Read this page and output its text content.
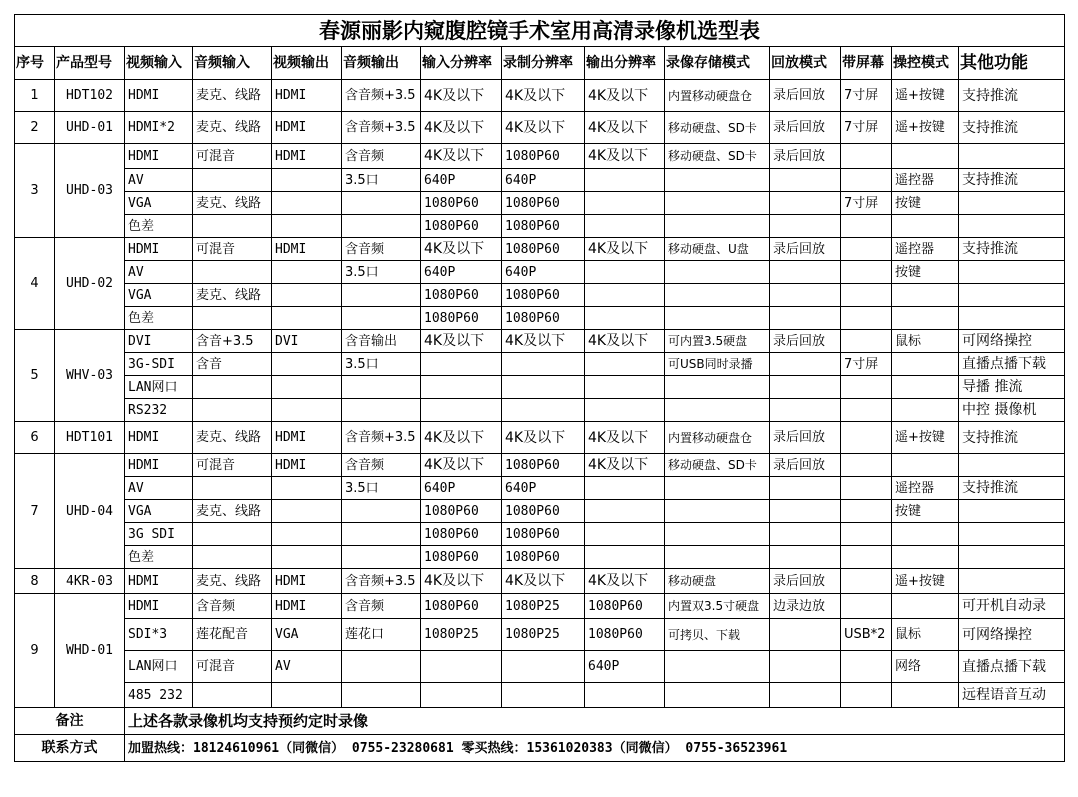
春源丽影内窥腹腔镜手术室用高清录像机选型表													
序号	产品型号	视频输入	音频输入	视频输出	音频输出	输入分辨率	录制分辨率	输出分辨率	录像存储模式	回放模式	带屏幕	操控模式	其他功能
1	HDT102	HDMI	麦克、线路	HDMI	含音频+3.5	4K及以下	4K及以下	4K及以下	内置移动硬盘仓	录后回放	7寸屏	遥+按键	支持推流
2	UHD-01	HDMI*2	麦克、线路	HDMI	含音频+3.5	4K及以下	4K及以下	4K及以下	移动硬盘、SD卡	录后回放	7寸屏	遥+按键	支持推流
3	UHD-03	HDMI	可混音	HDMI	含音频	4K及以下	1080P60	4K及以下	移动硬盘、SD卡	录后回放			
		AV			3.5口	640P	640P					遥控器	支持推流
		VGA	麦克、线路			1080P60	1080P60				7寸屏	按键	
		色差				1080P60	1080P60						
4	UHD-02	HDMI	可混音	HDMI	含音频	4K及以下	1080P60	4K及以下	移动硬盘、U盘	录后回放		遥控器	支持推流
		AV			3.5口	640P	640P					按键	
		VGA	麦克、线路			1080P60	1080P60						
		色差				1080P60	1080P60						
5	WHV-03	DVI	含音+3.5	DVI	含音输出	4K及以下	4K及以下	4K及以下	可内置3.5硬盘	录后回放		鼠标	可网络操控
		3G-SDI	含音		3.5口				可USB同时录播		7寸屏		直播点播下载
		LAN网口											导播 推流
		RS232											中控 摄像机
6	HDT101	HDMI	麦克、线路	HDMI	含音频+3.5	4K及以下	4K及以下	4K及以下	内置移动硬盘仓	录后回放		遥+按键	支持推流
7	UHD-04	HDMI	可混音	HDMI	含音频	4K及以下	1080P60	4K及以下	移动硬盘、SD卡	录后回放			
		AV			3.5口	640P	640P					遥控器	支持推流
		VGA	麦克、线路			1080P60	1080P60					按键	
		3G SDI				1080P60	1080P60						
		色差				1080P60	1080P60						
8	4KR-03	HDMI	麦克、线路	HDMI	含音频+3.5	4K及以下	4K及以下	4K及以下	移动硬盘	录后回放		遥+按键	
9	WHD-01	HDMI	含音频	HDMI	含音频	1080P60	1080P25	1080P60	内置双3.5寸硬盘	边录边放			可开机自动录
		SDI*3	莲花配音	VGA	莲花口	1080P25	1080P25	1080P60	可拷贝、下载		USB*2	鼠标	可网络操控
		LAN网口	可混音	AV				640P				网络	直播点播下载
		485 232											远程语音互动
备注		上述各款录像机均支持预约定时录像											
联系方式		加盟热线：18124610961（同微信） 0755-23280681 零买热线：15361020383（同微信） 0755-36523961											
